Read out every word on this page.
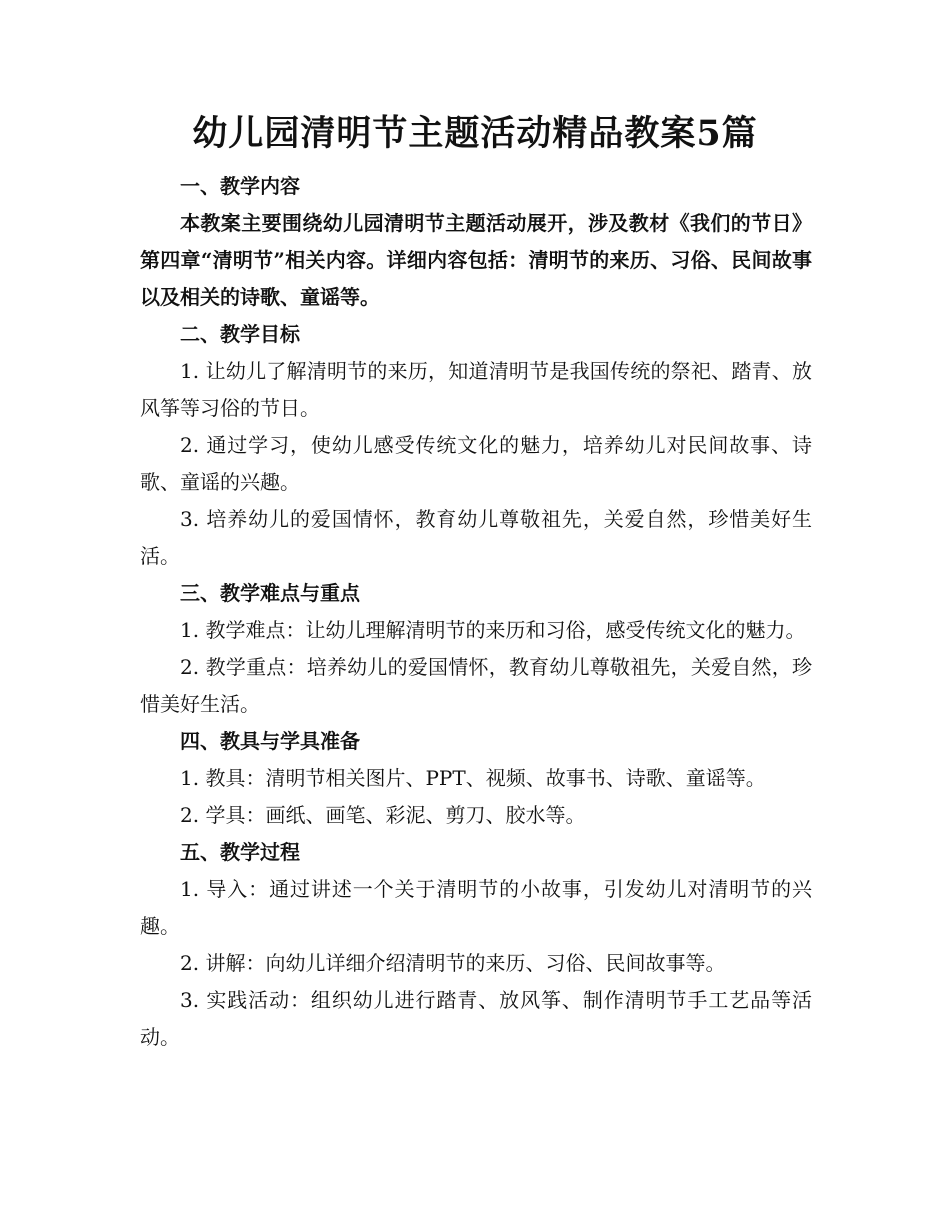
幼儿园清明节主题活动精品教案5篇

一、教学内容

本教案主要围绕幼儿园清明节主题活动展开，涉及教材《我们的节日》第四章“清明节”相关内容。详细内容包括：清明节的来历、习俗、民间故事以及相关的诗歌、童谣等。

二、教学目标

1. 让幼儿了解清明节的来历，知道清明节是我国传统的祭祀、踏青、放风筝等习俗的节日。

2. 通过学习，使幼儿感受传统文化的魅力，培养幼儿对民间故事、诗歌、童谣的兴趣。

3. 培养幼儿的爱国情怀，教育幼儿尊敬祖先，关爱自然，珍惜美好生活。

三、教学难点与重点

1. 教学难点：让幼儿理解清明节的来历和习俗，感受传统文化的魅力。

2. 教学重点：培养幼儿的爱国情怀，教育幼儿尊敬祖先，关爱自然，珍惜美好生活。

四、教具与学具准备

1. 教具：清明节相关图片、PPT、视频、故事书、诗歌、童谣等。

2. 学具：画纸、画笔、彩泥、剪刀、胶水等。

五、教学过程

1. 导入：通过讲述一个关于清明节的小故事，引发幼儿对清明节的兴趣。

2. 讲解：向幼儿详细介绍清明节的来历、习俗、民间故事等。

3. 实践活动：组织幼儿进行踏青、放风筝、制作清明节手工艺品等活动。
